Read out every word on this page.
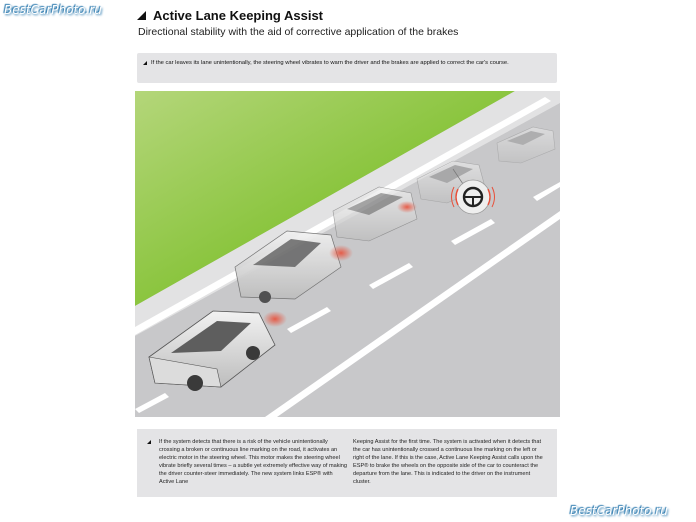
BestCarPhoto.ru	Active Lane Keeping Assist
Directional stability with the aid of corrective application of the brakes
If the car leaves its lane unintentionally, the steering wheel vibrates to warn the driver and the brakes are applied to correct the car's course.
If the system detects that there is a risk of the vehicle unintentionally crossing a broken or continuous line marking on the road, it activates an electric motor in the steering wheel. This motor makes the steering wheel vibrate briefly several times – a subtle yet extremely effective way of making the driver counter-steer immediately. The new system links ESP® with Active Lane
Keeping Assist for the first time. The system is activated when it detects that the car has unintentionally crossed a continuous line marking on the left or right of the lane. If this is the case, Active Lane Keeping Assist calls upon the ESP® to brake the wheels on the opposite side of the car to counteract the departure from the lane. This is indicated to the driver on the instrument cluster.
BestCarPhoto.ru
